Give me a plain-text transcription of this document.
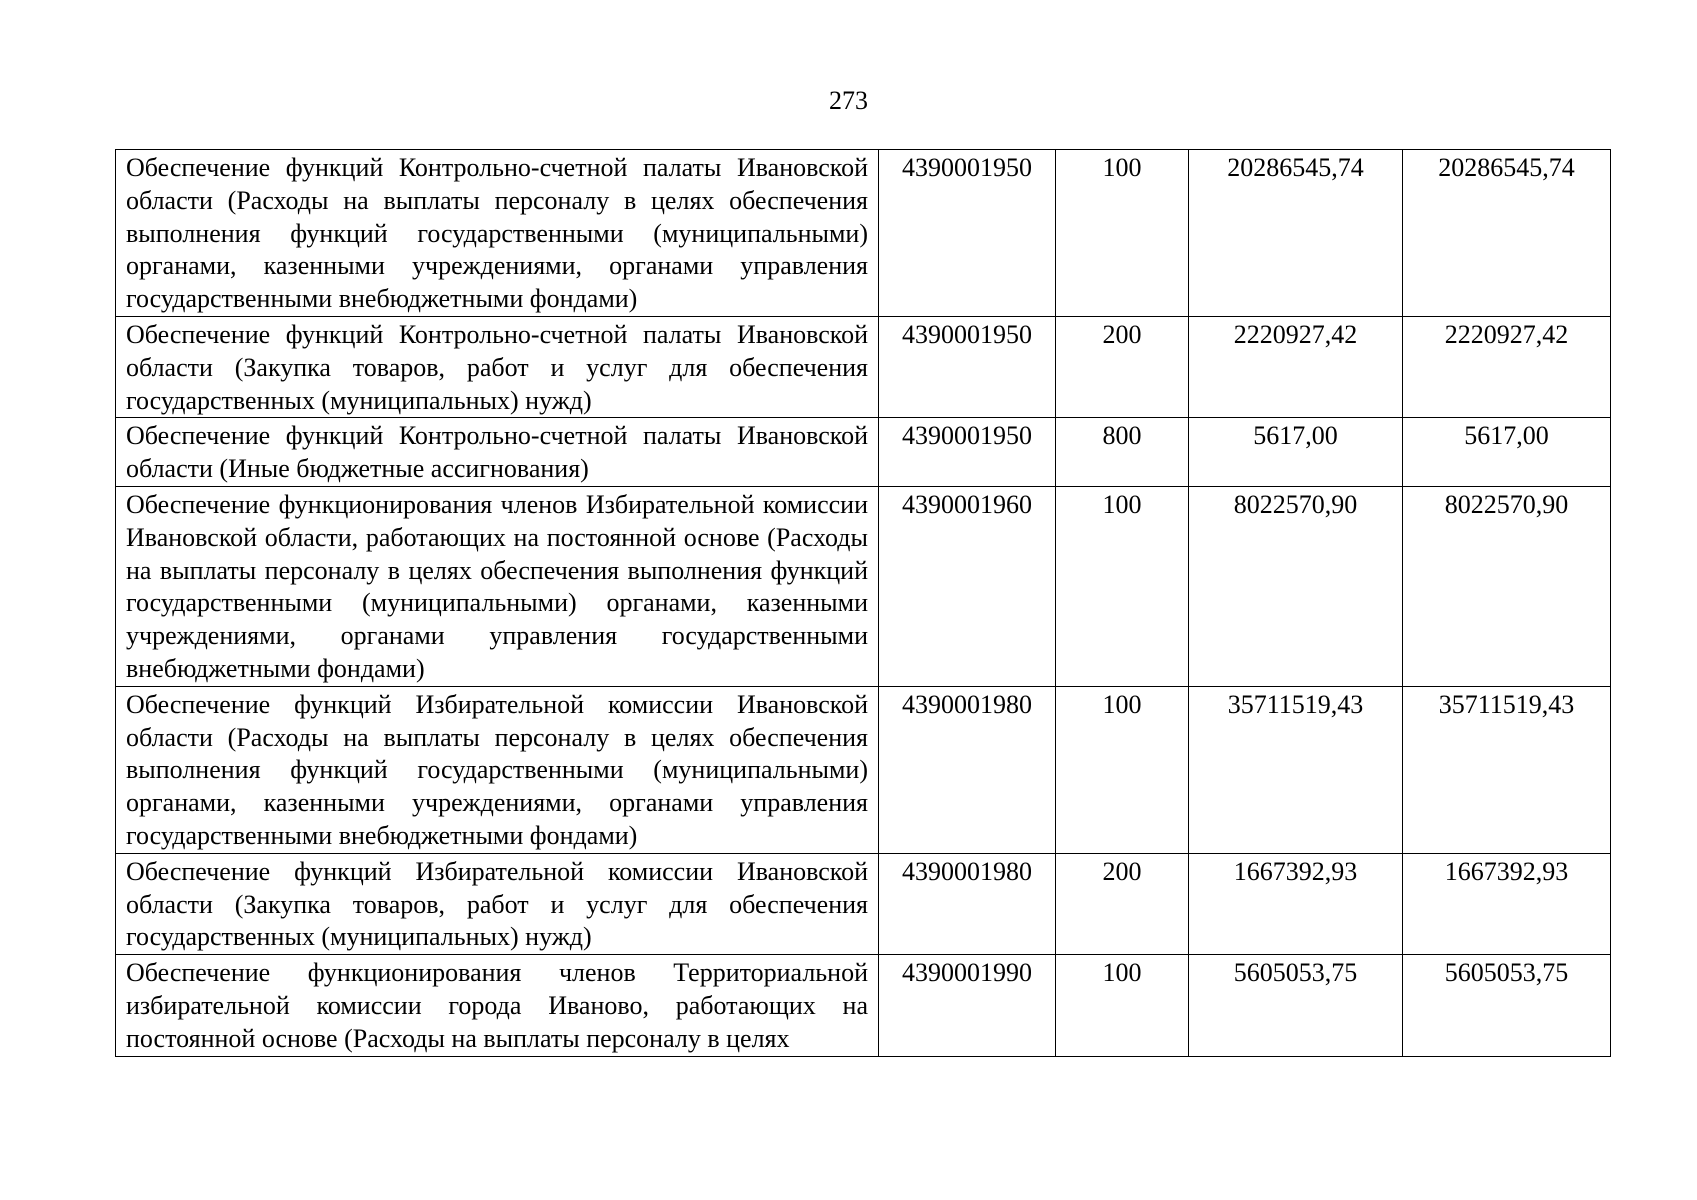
273
Обеспечение функций Контрольно-счетной палаты Ивановской области (Расходы на выплаты персоналу в целях обеспечения выполнения функций государственными (муниципальными) органами, казенными учреждениями, органами управления государственными внебюджетными фондами)	4390001950	100	20286545,74	20286545,74
Обеспечение функций Контрольно-счетной палаты Ивановской области (Закупка товаров, работ и услуг для обеспечения государственных (муниципальных) нужд)	4390001950	200	2220927,42	2220927,42
Обеспечение функций Контрольно-счетной палаты Ивановской области (Иные бюджетные ассигнования)	4390001950	800	5617,00	5617,00
Обеспечение функционирования членов Избирательной комиссии Ивановской области, работающих на постоянной основе (Расходы на выплаты персоналу в целях обеспечения выполнения функций государственными (муниципальными) органами, казенными учреждениями, органами управления государственными внебюджетными фондами)	4390001960	100	8022570,90	8022570,90
Обеспечение функций Избирательной комиссии Ивановской области (Расходы на выплаты персоналу в целях обеспечения выполнения функций государственными (муниципальными) органами, казенными учреждениями, органами управления государственными внебюджетными фондами)	4390001980	100	35711519,43	35711519,43
Обеспечение функций Избирательной комиссии Ивановской области (Закупка товаров, работ и услуг для обеспечения государственных (муниципальных) нужд)	4390001980	200	1667392,93	1667392,93
Обеспечение функционирования членов Территориальной избирательной комиссии города Иваново, работающих на постоянной основе (Расходы на выплаты персоналу в целях	4390001990	100	5605053,75	5605053,75
